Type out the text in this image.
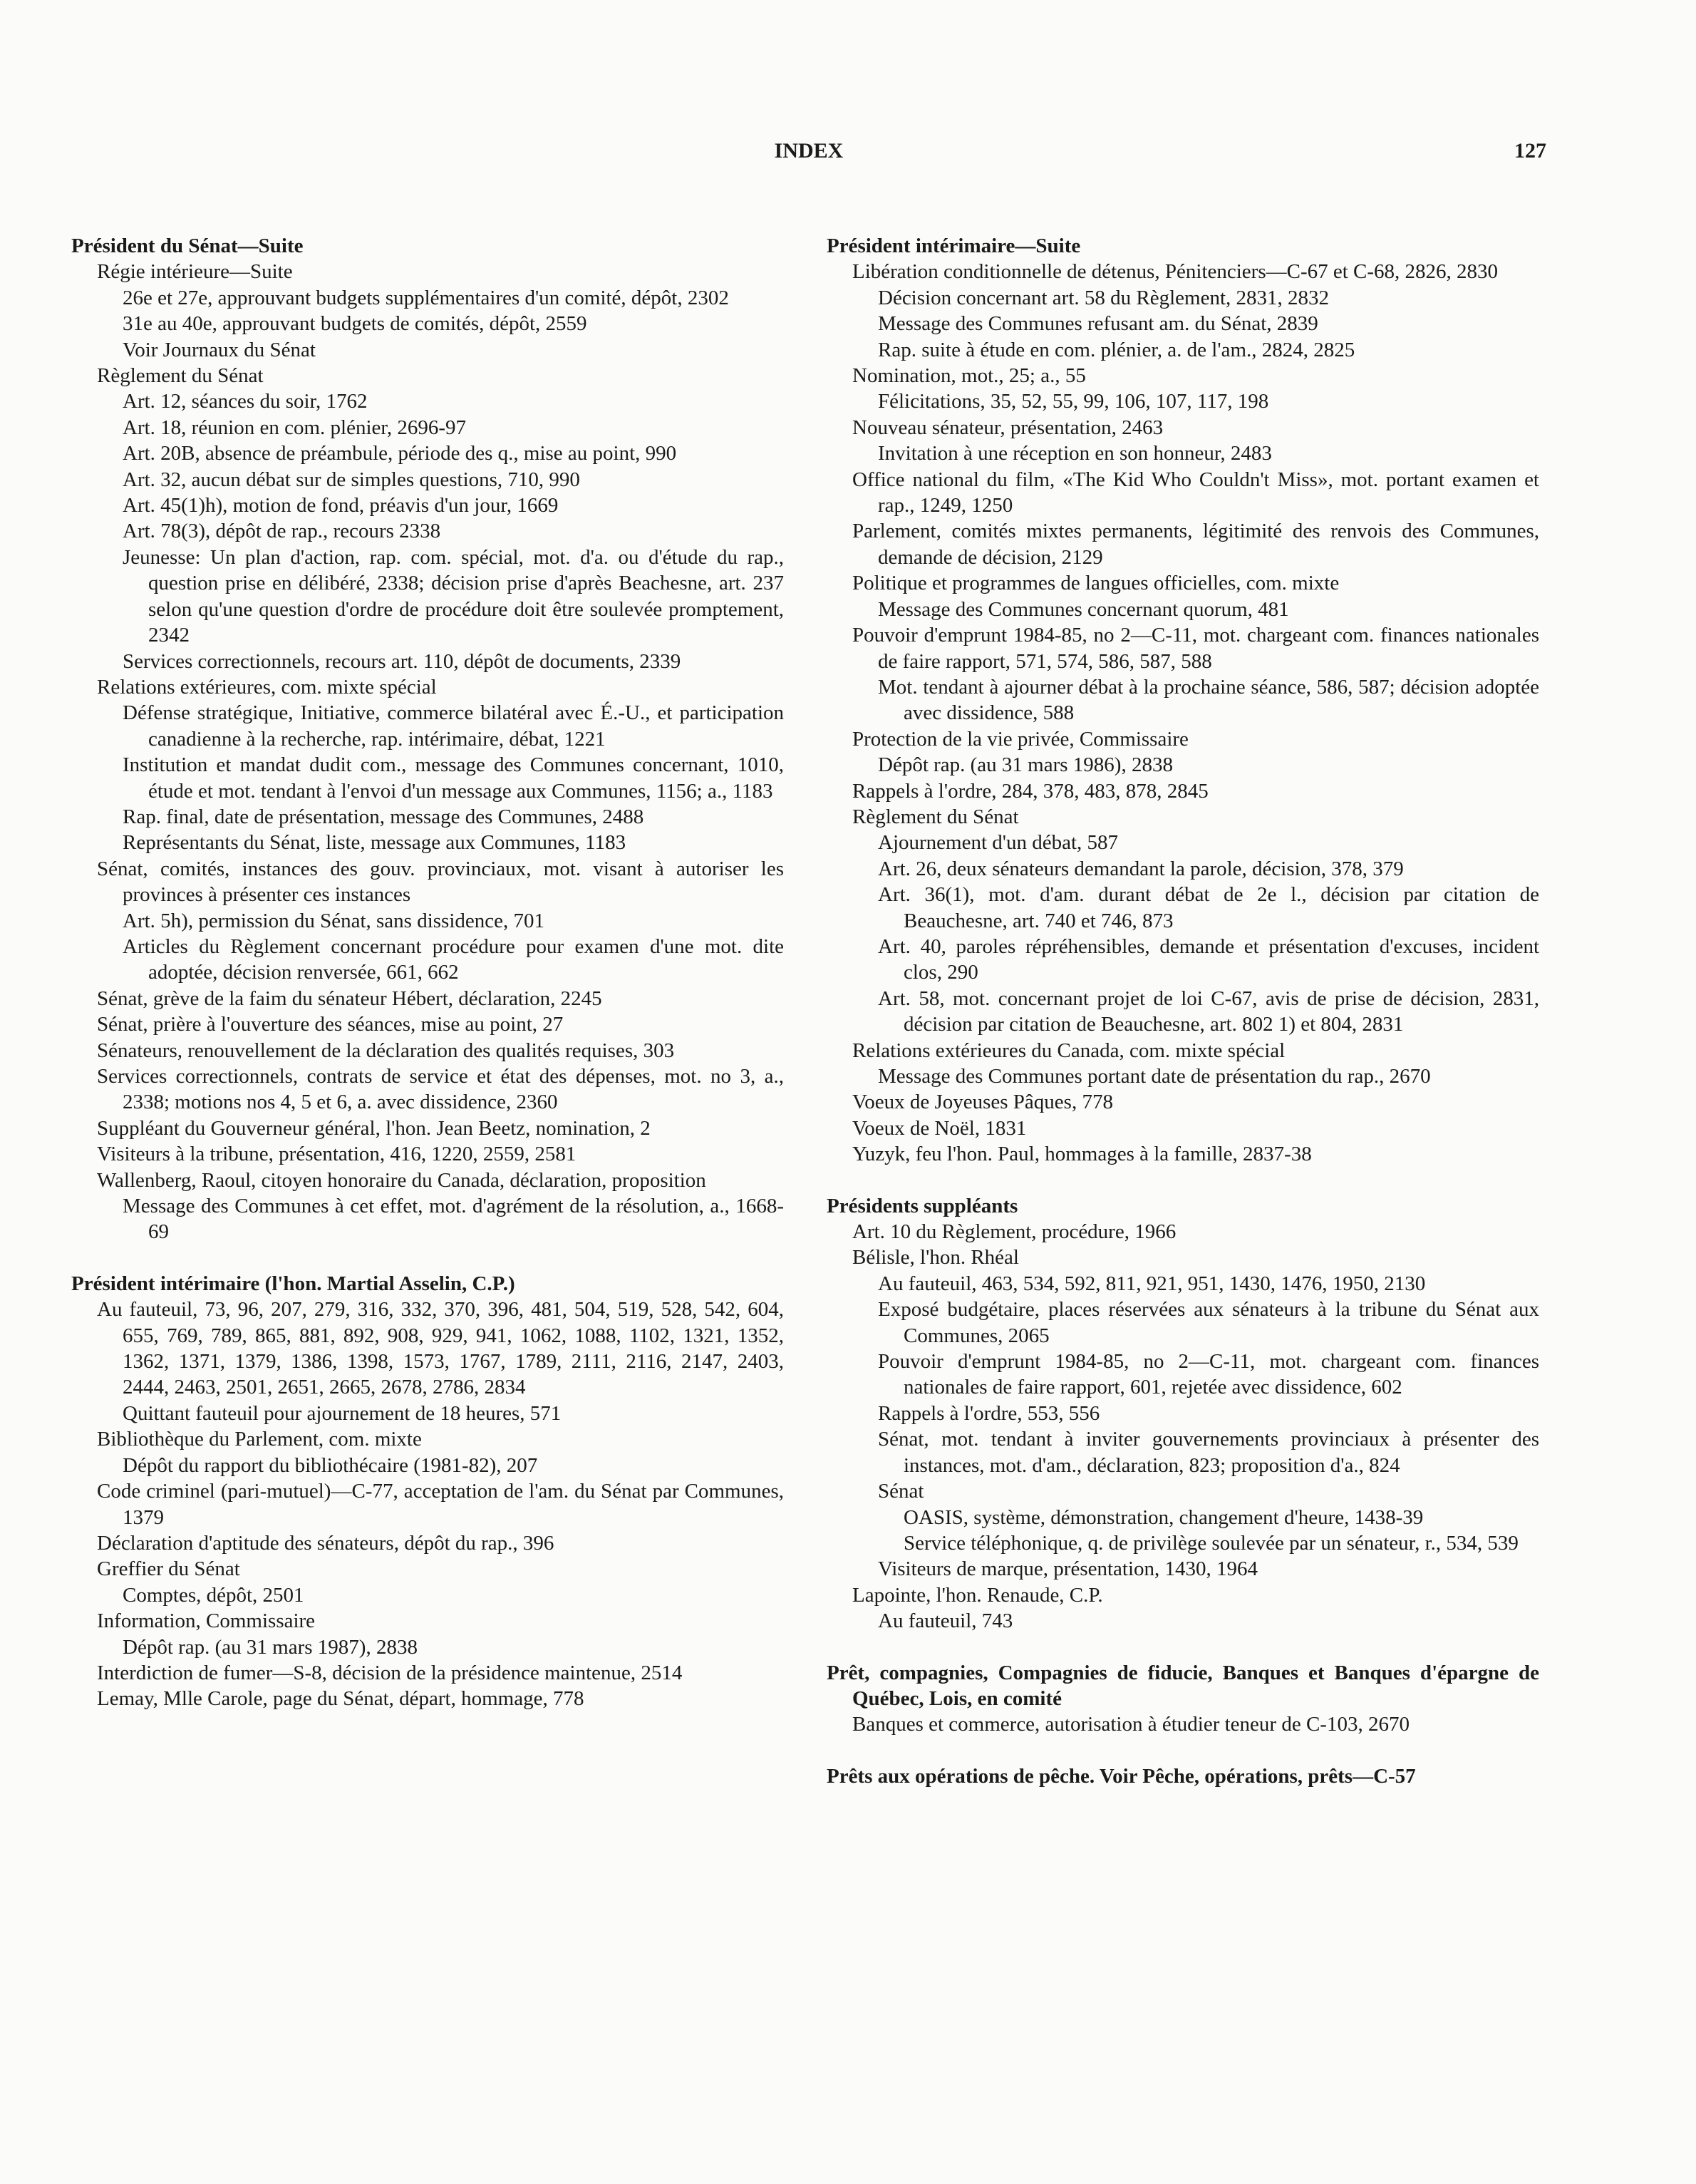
INDEX	127

Président du Sénat—Suite

Régie intérieure—Suite

26e et 27e, approuvant budgets supplémentaires d'un comité, dépôt, 2302

31e au 40e, approuvant budgets de comités, dépôt, 2559

Voir Journaux du Sénat

Règlement du Sénat

Art. 12, séances du soir, 1762

Art. 18, réunion en com. plénier, 2696-97

Art. 20B, absence de préambule, période des q., mise au point, 990

Art. 32, aucun débat sur de simples questions, 710, 990

Art. 45(1)h), motion de fond, préavis d'un jour, 1669

Art. 78(3), dépôt de rap., recours 2338

Jeunesse: Un plan d'action, rap. com. spécial, mot. d'a. ou d'étude du rap., question prise en délibéré, 2338; décision prise d'après Beachesne, art. 237 selon qu'une question d'ordre de procédure doit être soulevée promptement, 2342

Services correctionnels, recours art. 110, dépôt de documents, 2339

Relations extérieures, com. mixte spécial

Défense stratégique, Initiative, commerce bilatéral avec É.-U., et participation canadienne à la recherche, rap. intérimaire, débat, 1221

Institution et mandat dudit com., message des Communes concernant, 1010, étude et mot. tendant à l'envoi d'un message aux Communes, 1156; a., 1183

Rap. final, date de présentation, message des Communes, 2488

Représentants du Sénat, liste, message aux Communes, 1183

Sénat, comités, instances des gouv. provinciaux, mot. visant à autoriser les provinces à présenter ces instances

Art. 5h), permission du Sénat, sans dissidence, 701

Articles du Règlement concernant procédure pour examen d'une mot. dite adoptée, décision renversée, 661, 662

Sénat, grève de la faim du sénateur Hébert, déclaration, 2245

Sénat, prière à l'ouverture des séances, mise au point, 27

Sénateurs, renouvellement de la déclaration des qualités requises, 303

Services correctionnels, contrats de service et état des dépenses, mot. no 3, a., 2338; motions nos 4, 5 et 6, a. avec dissidence, 2360

Suppléant du Gouverneur général, l'hon. Jean Beetz, nomination, 2

Visiteurs à la tribune, présentation, 416, 1220, 2559, 2581

Wallenberg, Raoul, citoyen honoraire du Canada, déclaration, proposition

Message des Communes à cet effet, mot. d'agrément de la résolution, a., 1668-69

Président intérimaire (l'hon. Martial Asselin, C.P.)

Au fauteuil, 73, 96, 207, 279, 316, 332, 370, 396, 481, 504, 519, 528, 542, 604, 655, 769, 789, 865, 881, 892, 908, 929, 941, 1062, 1088, 1102, 1321, 1352, 1362, 1371, 1379, 1386, 1398, 1573, 1767, 1789, 2111, 2116, 2147, 2403, 2444, 2463, 2501, 2651, 2665, 2678, 2786, 2834

Quittant fauteuil pour ajournement de 18 heures, 571

Bibliothèque du Parlement, com. mixte

Dépôt du rapport du bibliothécaire (1981-82), 207

Code criminel (pari-mutuel)—C-77, acceptation de l'am. du Sénat par Communes, 1379

Déclaration d'aptitude des sénateurs, dépôt du rap., 396

Greffier du Sénat

Comptes, dépôt, 2501

Information, Commissaire

Dépôt rap. (au 31 mars 1987), 2838

Interdiction de fumer—S-8, décision de la présidence maintenue, 2514

Lemay, Mlle Carole, page du Sénat, départ, hommage, 778

Président intérimaire—Suite

Libération conditionnelle de détenus, Pénitenciers—C-67 et C-68, 2826, 2830

Décision concernant art. 58 du Règlement, 2831, 2832

Message des Communes refusant am. du Sénat, 2839

Rap. suite à étude en com. plénier, a. de l'am., 2824, 2825

Nomination, mot., 25; a., 55

Félicitations, 35, 52, 55, 99, 106, 107, 117, 198

Nouveau sénateur, présentation, 2463

Invitation à une réception en son honneur, 2483

Office national du film, «The Kid Who Couldn't Miss», mot. portant examen et rap., 1249, 1250

Parlement, comités mixtes permanents, légitimité des renvois des Communes, demande de décision, 2129

Politique et programmes de langues officielles, com. mixte

Message des Communes concernant quorum, 481

Pouvoir d'emprunt 1984-85, no 2—C-11, mot. chargeant com. finances nationales de faire rapport, 571, 574, 586, 587, 588

Mot. tendant à ajourner débat à la prochaine séance, 586, 587; décision adoptée avec dissidence, 588

Protection de la vie privée, Commissaire

Dépôt rap. (au 31 mars 1986), 2838

Rappels à l'ordre, 284, 378, 483, 878, 2845

Règlement du Sénat

Ajournement d'un débat, 587

Art. 26, deux sénateurs demandant la parole, décision, 378, 379

Art. 36(1), mot. d'am. durant débat de 2e l., décision par citation de Beauchesne, art. 740 et 746, 873

Art. 40, paroles répréhensibles, demande et présentation d'excuses, incident clos, 290

Art. 58, mot. concernant projet de loi C-67, avis de prise de décision, 2831, décision par citation de Beauchesne, art. 802 1) et 804, 2831

Relations extérieures du Canada, com. mixte spécial

Message des Communes portant date de présentation du rap., 2670

Voeux de Joyeuses Pâques, 778

Voeux de Noël, 1831

Yuzyk, feu l'hon. Paul, hommages à la famille, 2837-38

Présidents suppléants

Art. 10 du Règlement, procédure, 1966

Bélisle, l'hon. Rhéal

Au fauteuil, 463, 534, 592, 811, 921, 951, 1430, 1476, 1950, 2130

Exposé budgétaire, places réservées aux sénateurs à la tribune du Sénat aux Communes, 2065

Pouvoir d'emprunt 1984-85, no 2—C-11, mot. chargeant com. finances nationales de faire rapport, 601, rejetée avec dissidence, 602

Rappels à l'ordre, 553, 556

Sénat, mot. tendant à inviter gouvernements provinciaux à présenter des instances, mot. d'am., déclaration, 823; proposition d'a., 824

Sénat

OASIS, système, démonstration, changement d'heure, 1438-39

Service téléphonique, q. de privilège soulevée par un sénateur, r., 534, 539

Visiteurs de marque, présentation, 1430, 1964

Lapointe, l'hon. Renaude, C.P.

Au fauteuil, 743

Prêt, compagnies, Compagnies de fiducie, Banques et Banques d'épargne de Québec, Lois, en comité

Banques et commerce, autorisation à étudier teneur de C-103, 2670

Prêts aux opérations de pêche. Voir Pêche, opérations, prêts—C-57
